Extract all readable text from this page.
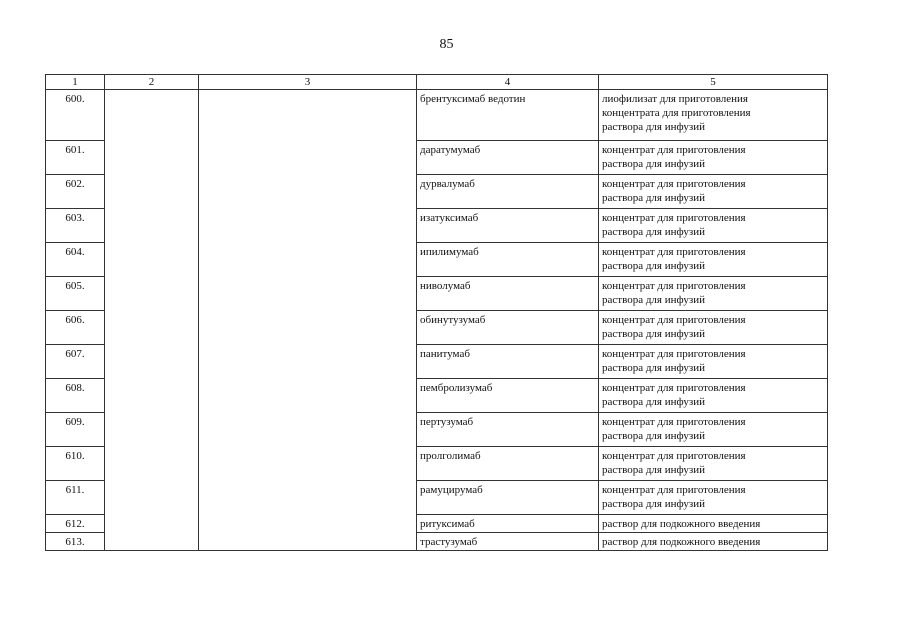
85
1	2	3	4	5
600.			брентуксимаб ведотин	лиофилизат для приготовления
концентрата для приготовления
раствора для инфузий
601.			даратумумаб	концентрат для приготовления
раствора для инфузий
602.			дурвалумаб	концентрат для приготовления
раствора для инфузий
603.			изатуксимаб	концентрат для приготовления
раствора для инфузий
604.			ипилимумаб	концентрат для приготовления
раствора для инфузий
605.			ниволумаб	концентрат для приготовления
раствора для инфузий
606.			обинутузумаб	концентрат для приготовления
раствора для инфузий
607.			панитумаб	концентрат для приготовления
раствора для инфузий
608.			пембролизумаб	концентрат для приготовления
раствора для инфузий
609.			пертузумаб	концентрат для приготовления
раствора для инфузий
610.			пролголимаб	концентрат для приготовления
раствора для инфузий
611.			рамуцирумаб	концентрат для приготовления
раствора для инфузий
612.			ритуксимаб	раствор для подкожного введения
613.			трастузумаб	раствор для подкожного введения
